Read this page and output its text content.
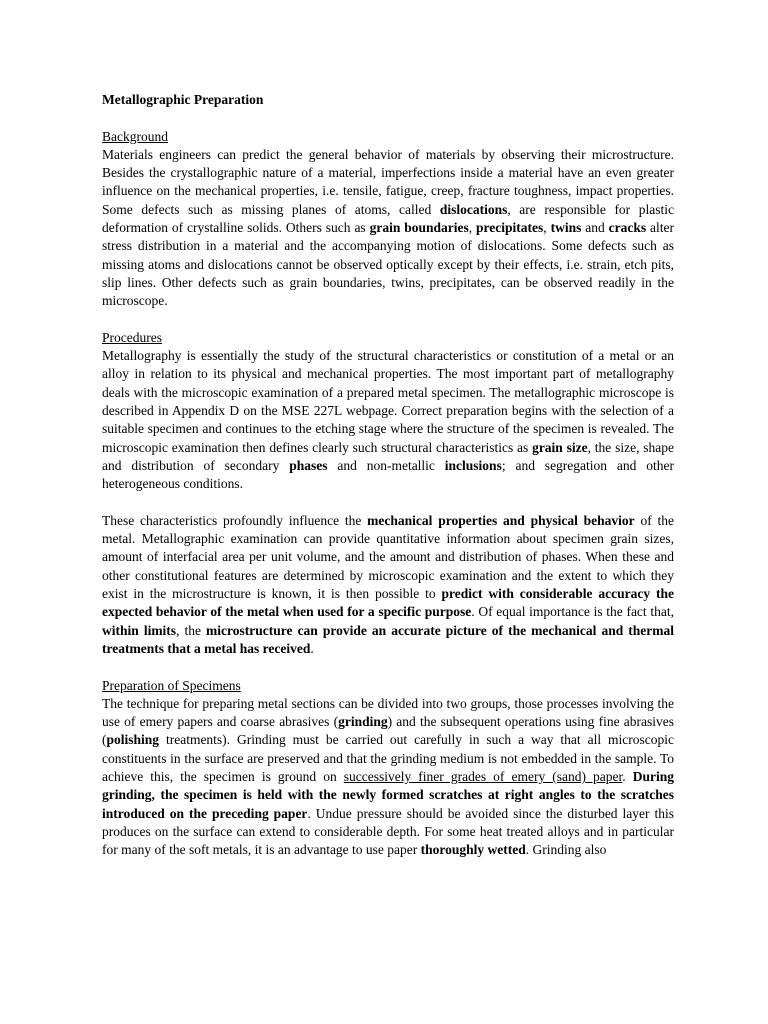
Metallographic Preparation
Background

Materials engineers can predict the general behavior of materials by observing their microstructure. Besides the crystallographic nature of a material, imperfections inside a material have an even greater influence on the mechanical properties, i.e. tensile, fatigue, creep, fracture toughness, impact properties. Some defects such as missing planes of atoms, called dislocations, are responsible for plastic deformation of crystalline solids. Others such as grain boundaries, precipitates, twins and cracks alter stress distribution in a material and the accompanying motion of dislocations. Some defects such as missing atoms and dislocations cannot be observed optically except by their effects, i.e. strain, etch pits, slip lines. Other defects such as grain boundaries, twins, precipitates, can be observed readily in the microscope.

Procedures

Metallography is essentially the study of the structural characteristics or constitution of a metal or an alloy in relation to its physical and mechanical properties. The most important part of metallography deals with the microscopic examination of a prepared metal specimen. The metallographic microscope is described in Appendix D on the MSE 227L webpage. Correct preparation begins with the selection of a suitable specimen and continues to the etching stage where the structure of the specimen is revealed. The microscopic examination then defines clearly such structural characteristics as grain size, the size, shape and distribution of secondary phases and non-metallic inclusions; and segregation and other heterogeneous conditions.

These characteristics profoundly influence the mechanical properties and physical behavior of the metal. Metallographic examination can provide quantitative information about specimen grain sizes, amount of interfacial area per unit volume, and the amount and distribution of phases. When these and other constitutional features are determined by microscopic examination and the extent to which they exist in the microstructure is known, it is then possible to predict with considerable accuracy the expected behavior of the metal when used for a specific purpose. Of equal importance is the fact that, within limits, the microstructure can provide an accurate picture of the mechanical and thermal treatments that a metal has received.

Preparation of Specimens

The technique for preparing metal sections can be divided into two groups, those processes involving the use of emery papers and coarse abrasives (grinding) and the subsequent operations using fine abrasives (polishing treatments). Grinding must be carried out carefully in such a way that all microscopic constituents in the surface are preserved and that the grinding medium is not embedded in the sample. To achieve this, the specimen is ground on successively finer grades of emery (sand) paper. During grinding, the specimen is held with the newly formed scratches at right angles to the scratches introduced on the preceding paper. Undue pressure should be avoided since the disturbed layer this produces on the surface can extend to considerable depth. For some heat treated alloys and in particular for many of the soft metals, it is an advantage to use paper thoroughly wetted. Grinding also
